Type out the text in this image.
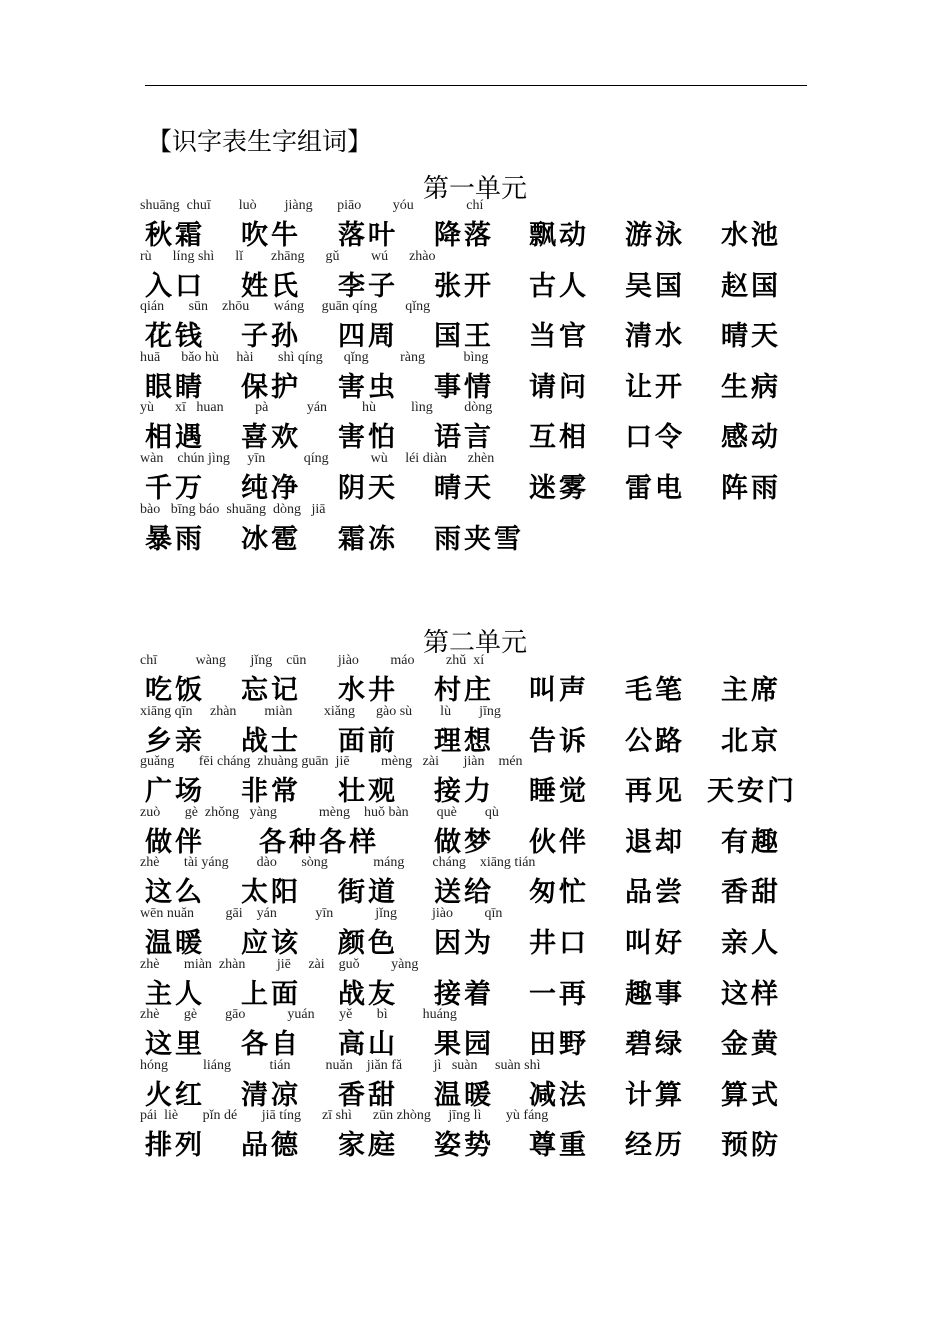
【识字表生字组词】
第一单元
shuāng  chuī        luò        jiàng       piāo         yóu               chí
rù      líng shì      lǐ        zhāng      gǔ         wú      zhào
qián       sūn    zhōu       wáng     guān qíng        qǐng
huā      bǎo hù     hài       shì qíng      qǐng         ràng           bìng
yù      xī   huan         pà           yán          hù          lìng         dòng
wàn    chún jìng     yīn           qíng            wù     léi diàn      zhèn
bào   bīng báo  shuāng  dòng   jiā
秋霜 吹牛 落叶 降落 飘动 游泳 水池
入口 姓氏 李子 张开 古人 吴国 赵国
花钱 子孙 四周 国王 当官 清水 晴天
眼睛 保护 害虫 事情 请问 让开 生病
相遇 喜欢 害怕 语言 互相 口令 感动
千万 纯净 阴天 晴天 迷雾 雷电 阵雨
暴雨 冰雹 霜冻 雨夹雪
第二单元
chī           wàng       jǐng    cūn         jiào         máo         zhǔ  xí
xiāng qīn     zhàn        miàn         xiǎng      gào sù        lù        jīng
guǎng       fēi cháng  zhuàng guān  jiē         mèng   zài       jiàn    mén
zuò       gè  zhǒng   yàng            mèng    huǒ bàn        què        qù
zhè       tài yáng        dào       sòng             máng        cháng    xiāng tián
wēn nuǎn         gāi    yán           yīn            jǐng          jiào         qīn
zhè       miàn  zhàn         jiē     zài    guǒ         yàng
zhè       gè        gāo            yuán       yě       bì          huáng
hóng          liáng           tián          nuǎn    jiǎn fǎ         jì   suàn     suàn shì
pái  liè       pǐn dé       jiā tíng      zī shì      zūn zhòng     jīng lì       yù fáng
吃饭 忘记 水井 村庄 叫声 毛笔 主席
乡亲 战士 面前 理想 告诉 公路 北京
广场 非常 壮观 接力 睡觉 再见 天安门
做伴 各种各样 做梦 伙伴 退却 有趣
这么 太阳 街道 送给 匆忙 品尝 香甜
温暖 应该 颜色 因为 井口 叫好 亲人
主人 上面 战友 接着 一再 趣事 这样
这里 各自 高山 果园 田野 碧绿 金黄
火红 清凉 香甜 温暖 减法 计算 算式
排列 品德 家庭 姿势 尊重 经历 预防
